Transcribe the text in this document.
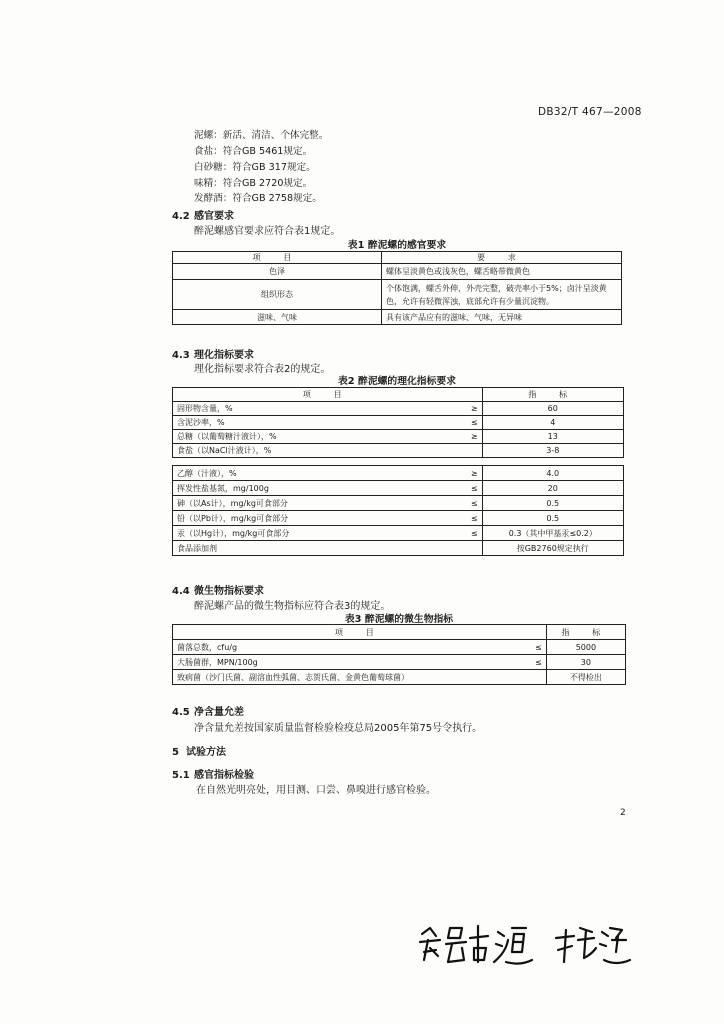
DB32/T 467—2008
泥螺：新活、清洁、个体完整。
食盐：符合GB 5461规定。
白砂糖：符合GB 317规定。
味精：符合GB 2720规定。
发酵酒：符合GB 2758规定。
4.2 感官要求
醉泥螺感官要求应符合表1规定。
表1 醉泥螺的感官要求
项 目	要 求
色泽	螺体呈淡黄色或浅灰色，螺舌略带微黄色
组织形态	个体饱满，螺舌外伸，外壳完整，破壳率小于5%；卤汁呈淡黄色，允许有轻微浑浊，底部允许有少量沉淀物。
滋味、气味	具有该产品应有的滋味、气味，无异味
4.3 理化指标要求
理化指标要求符合表2的规定。
表2 醉泥螺的理化指标要求
项 目		指 标
固形物含量，%	≥	60
含泥沙率，%	≤	4
总糖（以葡萄糖汁液计），%	≥	13
食盐（以NaCl汁液计），%		3-8

乙醇（汁液），%	≥	4.0
挥发性盐基氮，mg/100g	≤	20
砷（以As计），mg/kg可食部分	≤	0.5
铅（以Pb计），mg/kg可食部分	≤	0.5
汞（以Hg计），mg/kg可食部分	≤	0.3（其中甲基汞≤0.2）
食品添加剂		按GB2760规定执行
4.4 微生物指标要求
醉泥螺产品的微生物指标应符合表3的规定。
表3 醉泥螺的微生物指标
项 目		指 标
菌落总数，cfu/g	≤	5000
大肠菌群，MPN/100g	≤	30
致病菌（沙门氏菌、副溶血性弧菌、志贺氏菌、金黄色葡萄球菌）		不得检出
4.5 净含量允差
净含量允差按国家质量监督检验检疫总局2005年第75号令执行。
5 试验方法
5.1 感官指标检验
在自然光明亮处，用目测、口尝、鼻嗅进行感官检验。
2
